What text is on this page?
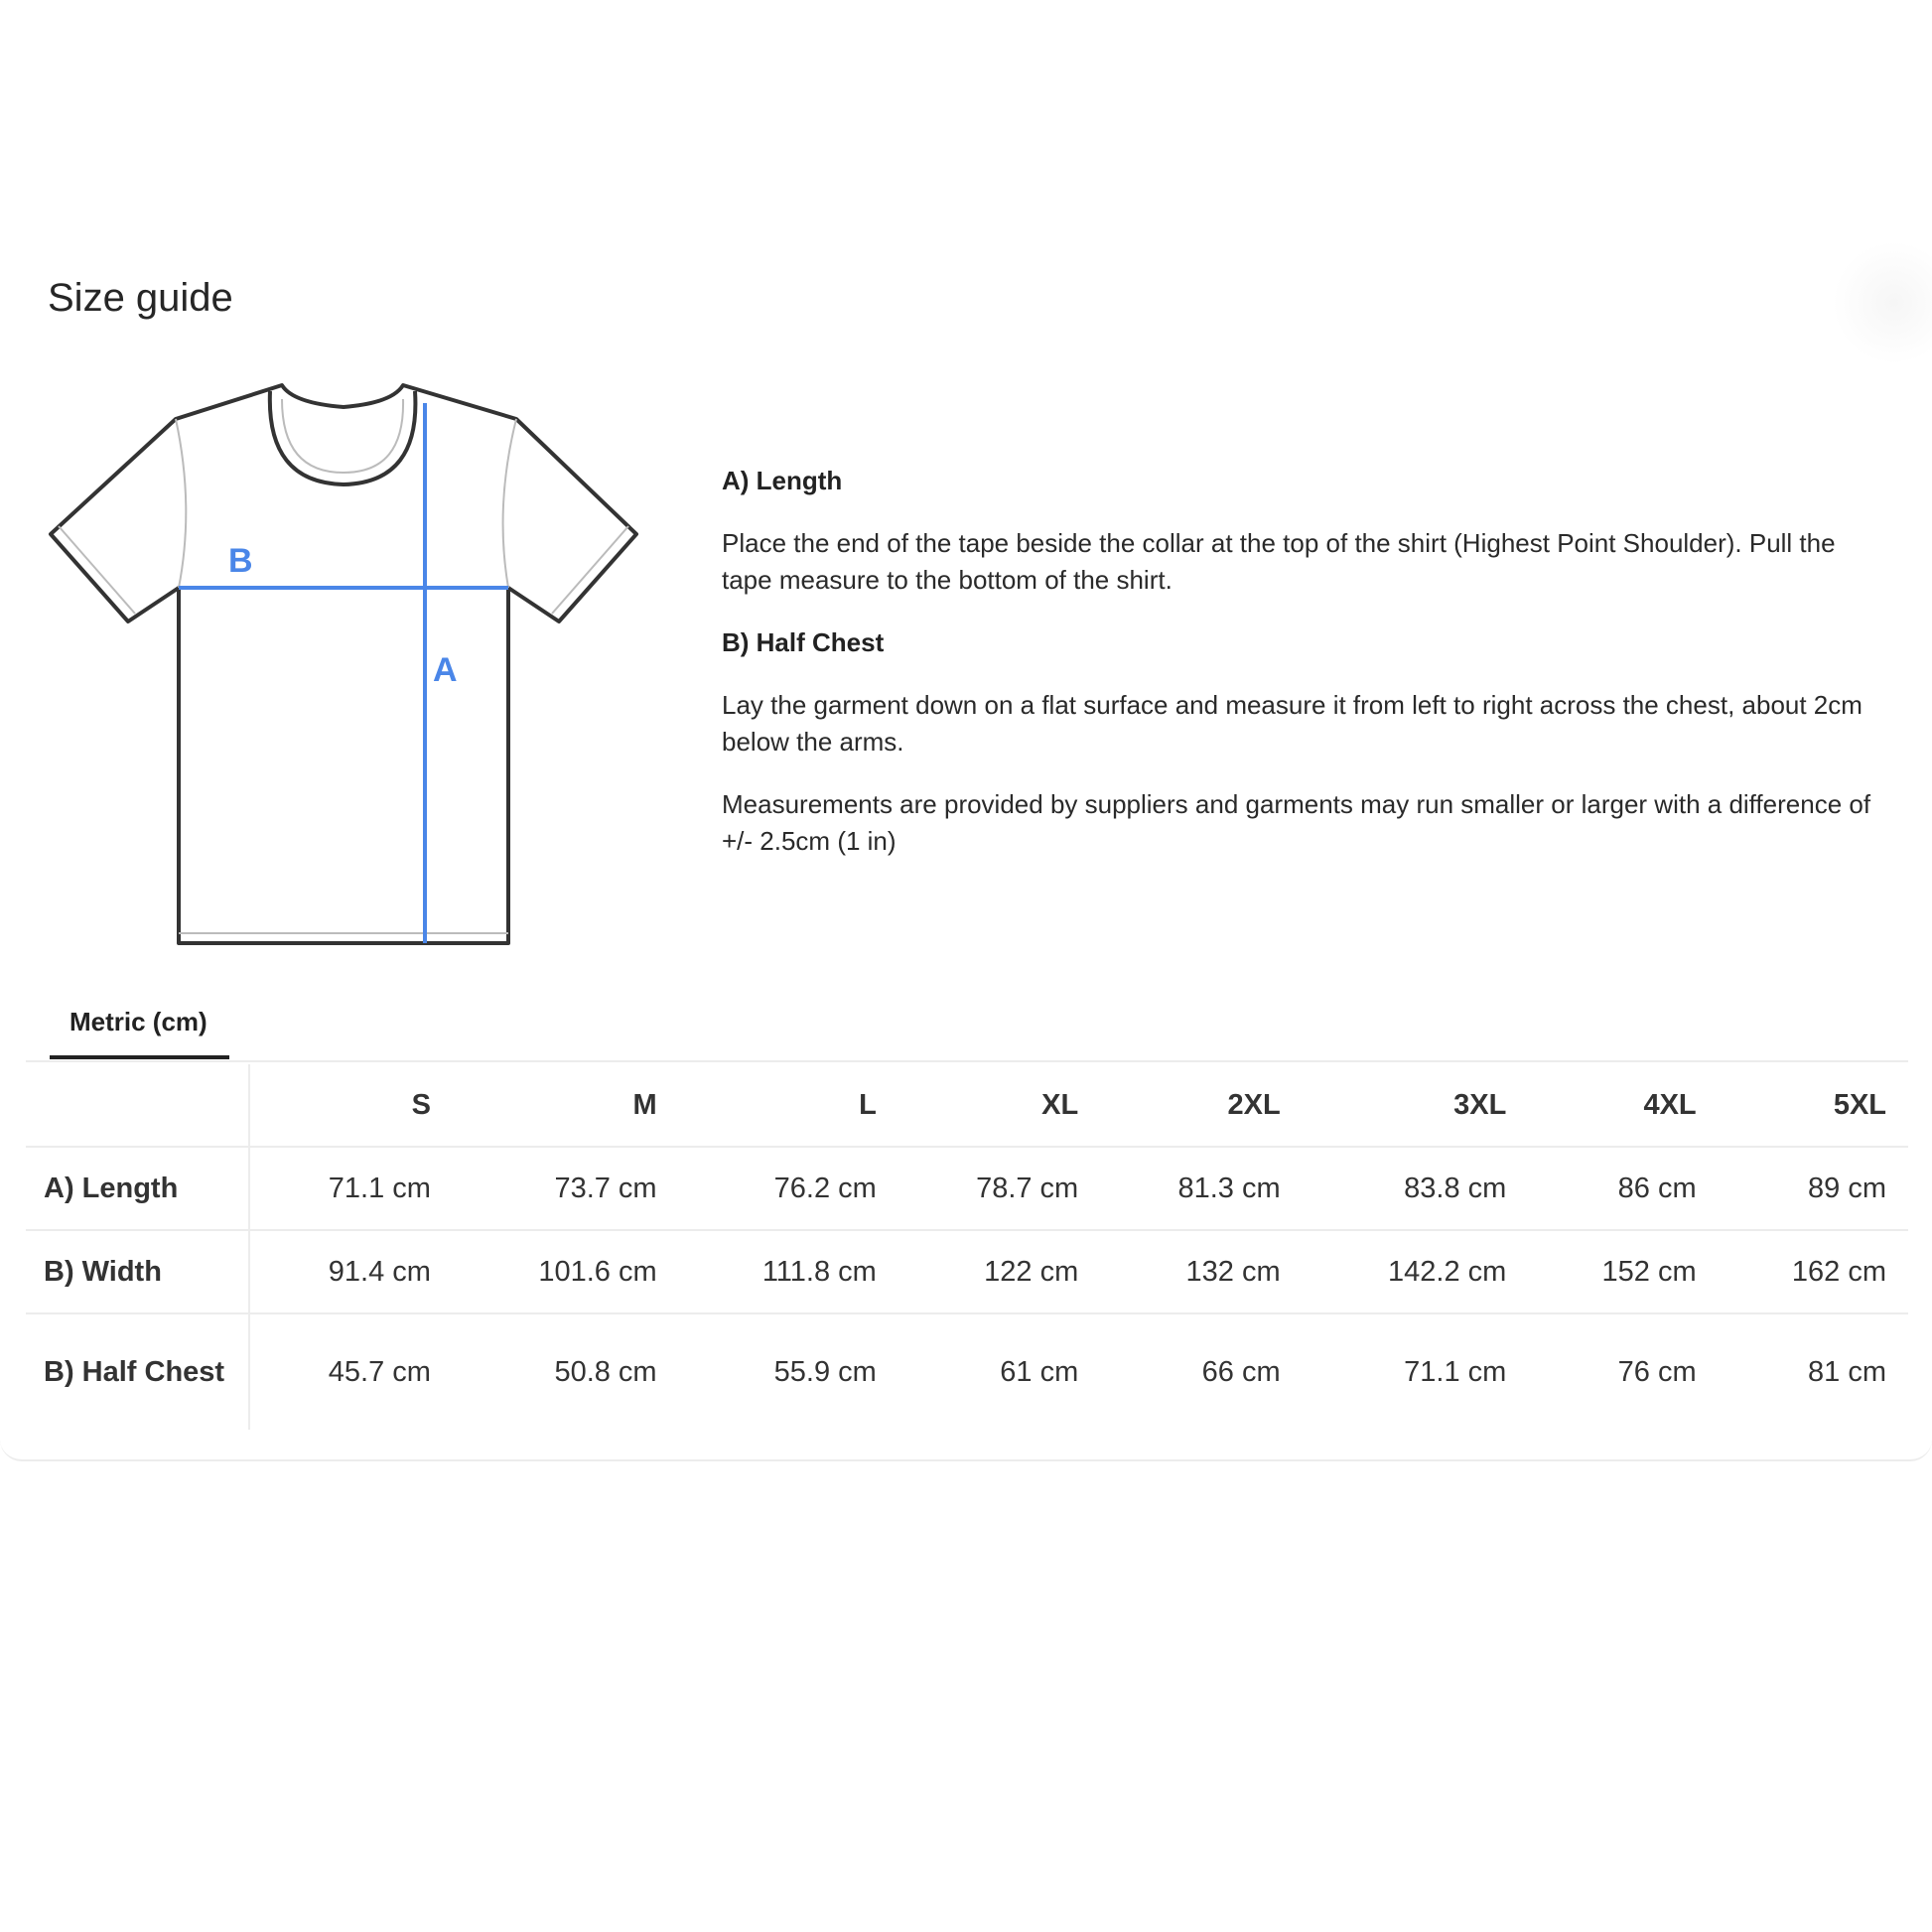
Size guide
B
A

A) Length

Place the end of the tape beside the collar at the top of the shirt (Highest Point Shoulder). Pull the tape measure to the bottom of the shirt.

B) Half Chest

Lay the garment down on a flat surface and measure it from left to right across the chest, about 2cm below the arms.

Measurements are provided by suppliers and garments may run smaller or larger with a difference of +/- 2.5cm (1 in)

Metric (cm)
	S	M	L	XL	2XL	3XL	4XL	5XL
A) Length	71.1 cm	73.7 cm	76.2 cm	78.7 cm	81.3 cm	83.8 cm	86 cm	89 cm
B) Width	91.4 cm	101.6 cm	111.8 cm	122 cm	132 cm	142.2 cm	152 cm	162 cm
B) Half Chest	45.7 cm	50.8 cm	55.9 cm	61 cm	66 cm	71.1 cm	76 cm	81 cm
